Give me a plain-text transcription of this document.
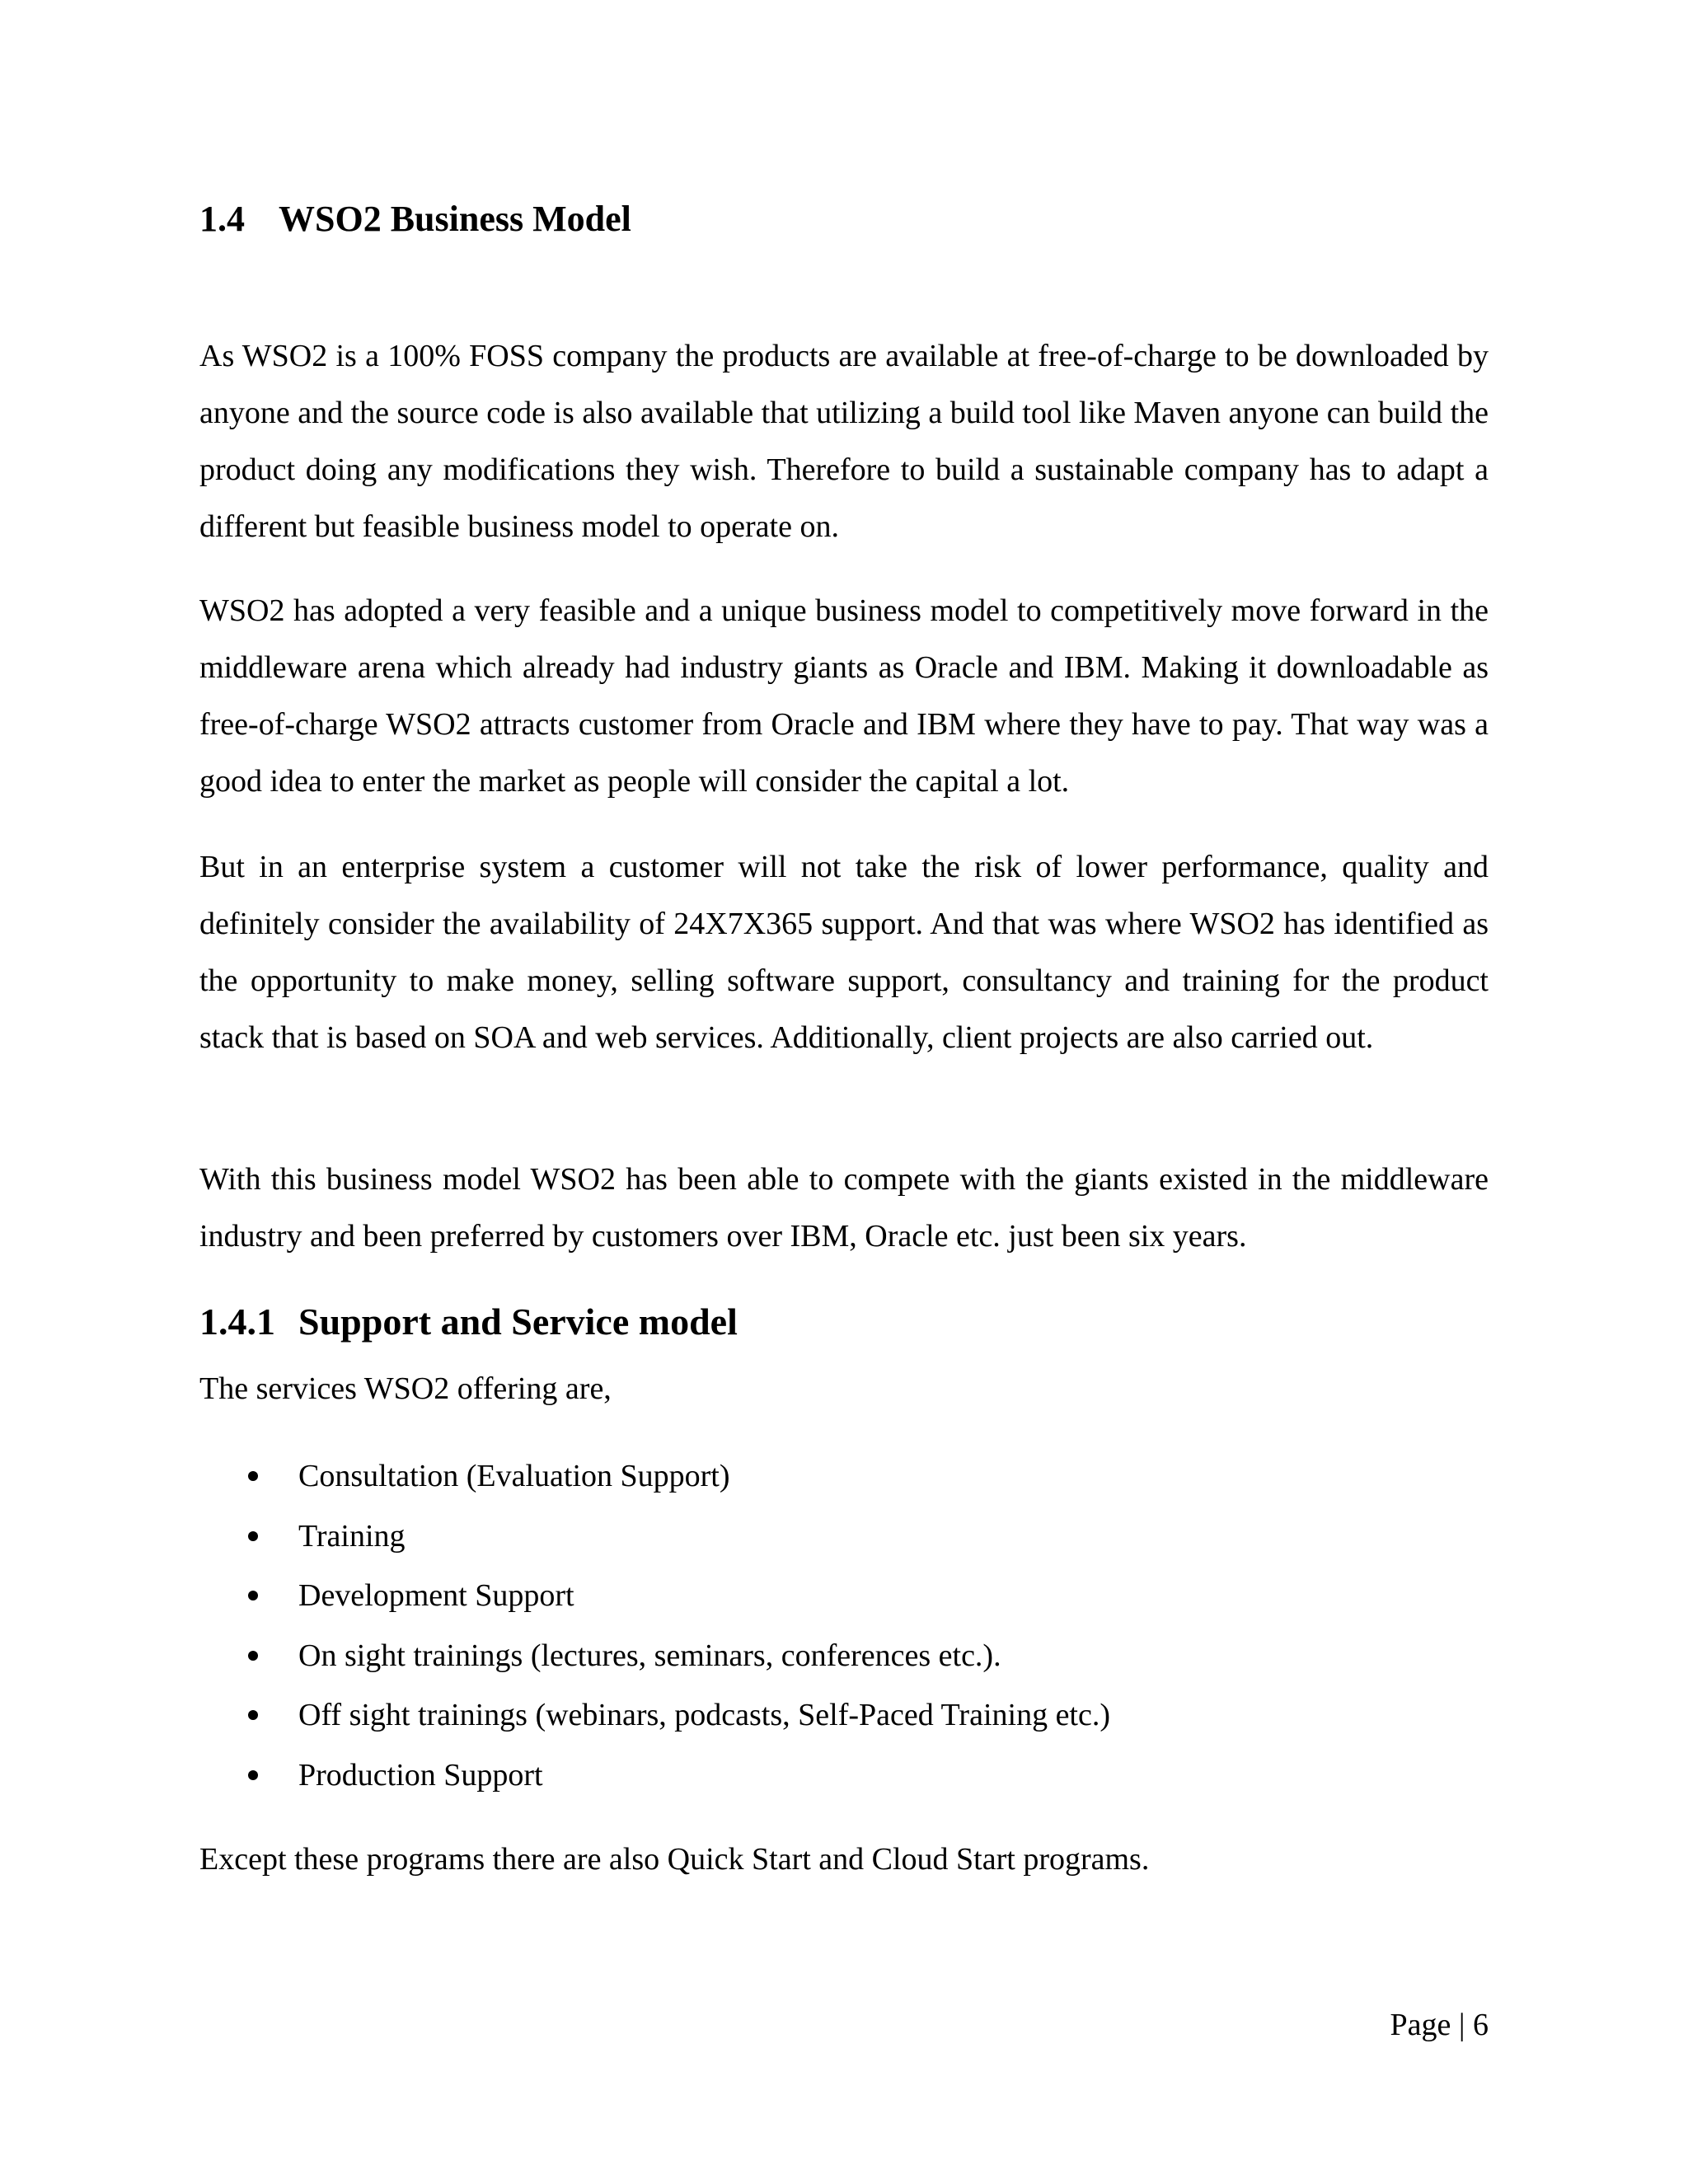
1.4 WSO2 Business Model

As WSO2 is a 100% FOSS company the products are available at free-of-charge to be downloaded by anyone and the source code is also available that utilizing a build tool like Maven anyone can build the product doing any modifications they wish. Therefore to build a sustainable company has to adapt a different but feasible business model to operate on.

WSO2 has adopted a very feasible and a unique business model to competitively move forward in the middleware arena which already had industry giants as Oracle and IBM. Making it downloadable as free-of-charge WSO2 attracts customer from Oracle and IBM where they have to pay. That way was a good idea to enter the market as people will consider the capital a lot.

But in an enterprise system a customer will not take the risk of lower performance, quality and definitely consider the availability of 24X7X365 support. And that was where WSO2 has identified as the opportunity to make money, selling software support, consultancy and training for the product stack that is based on SOA and web services. Additionally, client projects are also carried out.

With this business model WSO2 has been able to compete with the giants existed in the middleware industry and been preferred by customers over IBM, Oracle etc. just been six years.

1.4.1 Support and Service model
The services WSO2 offering are,
Consultation (Evaluation Support)
Training
Development Support
On sight trainings (lectures, seminars, conferences etc.).
Off sight trainings (webinars, podcasts, Self-Paced Training etc.)
Production Support
Except these programs there are also Quick Start and Cloud Start programs.
Page | 6
